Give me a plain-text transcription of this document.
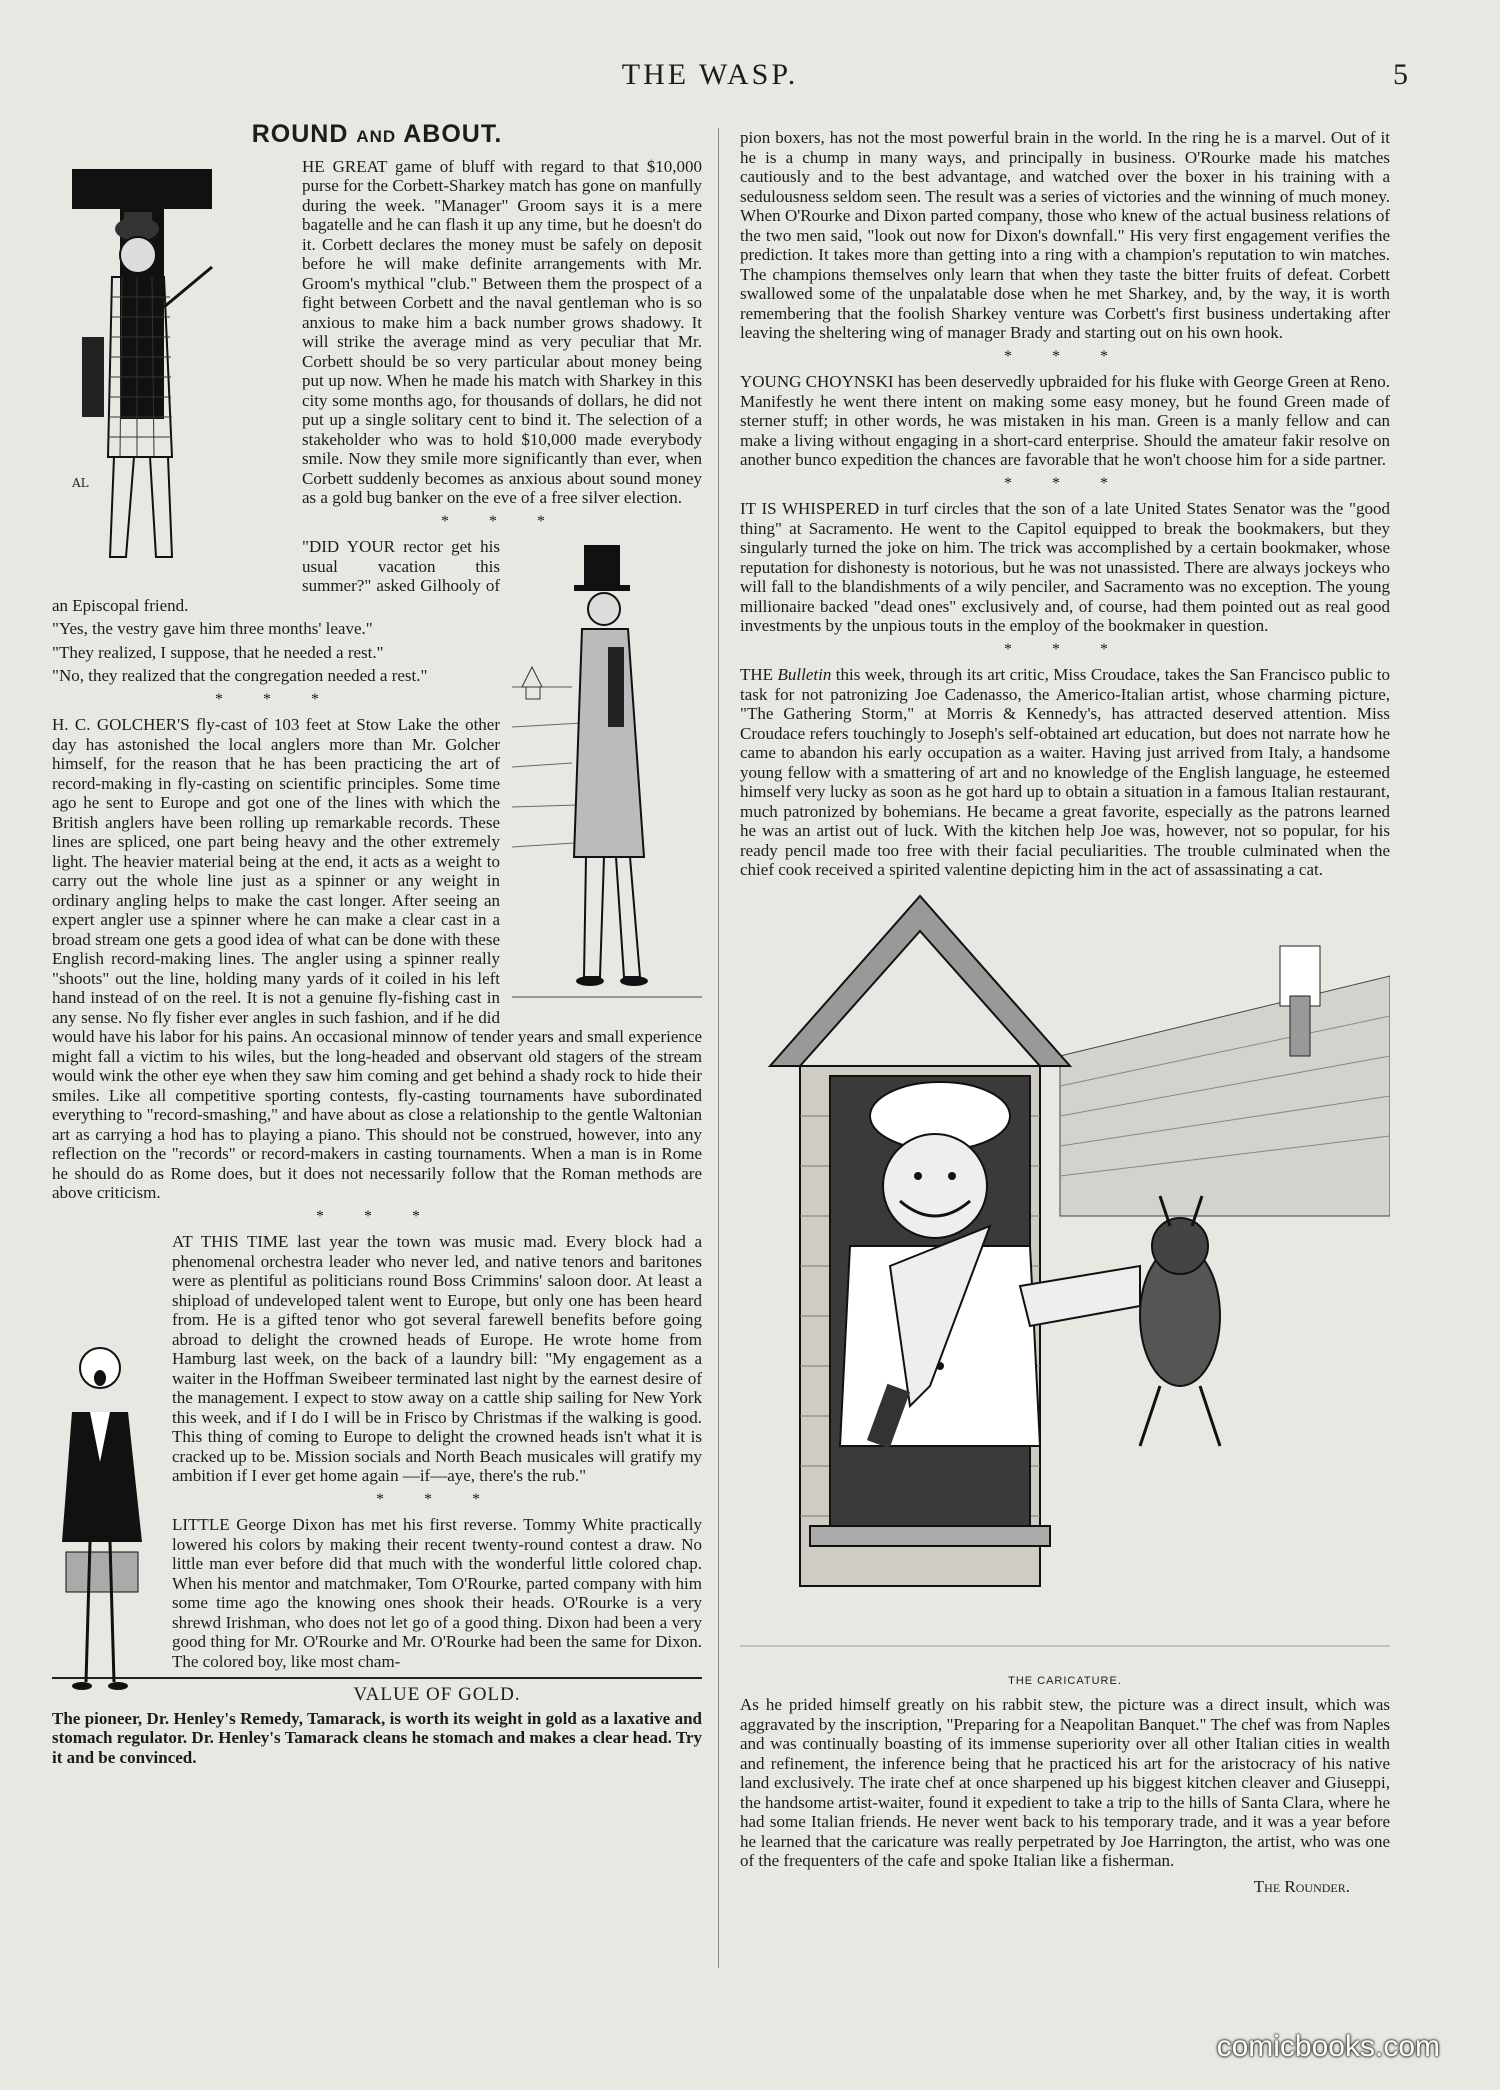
THE WASP.	5
ROUND AND ABOUT.
AL

HE GREAT game of bluff with regard to that $10,000 purse for the Corbett-Sharkey match has gone on manfully during the week. "Manager" Groom says it is a mere bagatelle and he can flash it up any time, but he doesn't do it. Corbett declares the money must be safely on deposit before he will make definite arrangements with Mr. Groom's mythical "club." Between them the prospect of a fight between Corbett and the naval gentleman who is so anxious to make him a back number grows shadowy. It will strike the average mind as very peculiar that Mr. Corbett should be so very particular about money being put up now. When he made his match with Sharkey in this city some months ago, for thousands of dollars, he did not put up a single solitary cent to bind it. The selection of a stakeholder who was to hold $10,000 made everybody smile. Now they smile more significantly than ever, when Corbett suddenly becomes as anxious about sound money as a gold bug banker on the eve of a free silver election.

* * *

"DID YOUR rector get his usual vacation this summer?" asked Gilhooly of an Episcopal friend.

"Yes, the vestry gave him three months' leave."

"They realized, I suppose, that he needed a rest."

"No, they realized that the congregation needed a rest."

* * *

H. C. GOLCHER'S fly-cast of 103 feet at Stow Lake the other day has astonished the local anglers more than Mr. Golcher himself, for the reason that he has been practicing the art of record-making in fly-casting on scientific principles. Some time ago he sent to Europe and got one of the lines with which the British anglers have been rolling up remarkable records. These lines are spliced, one part being heavy and the other extremely light. The heavier material being at the end, it acts as a weight to carry out the whole line just as a spinner or any weight in ordinary angling helps to make the cast longer. After seeing an expert angler use a spinner where he can make a clear cast in a broad stream one gets a good idea of what can be done with these English record-making lines. The angler using a spinner really "shoots" out the line, holding many yards of it coiled in his left hand instead of on the reel. It is not a genuine fly-fishing cast in any sense. No fly fisher ever angles in such fashion, and if he did would have his labor for his pains. An occasional minnow of tender years and small experience might fall a victim to his wiles, but the long-headed and observant old stagers of the stream would wink the other eye when they saw him coming and get behind a shady rock to hide their smiles. Like all competitive sporting contests, fly-casting tournaments have subordinated everything to "record-smashing," and have about as close a relationship to the gentle Waltonian art as carrying a hod has to playing a piano. This should not be construed, however, into any reflection on the "records" or record-makers in casting tournaments. When a man is in Rome he should do as Rome does, but it does not necessarily follow that the Roman methods are above criticism.

* * *

AT THIS TIME last year the town was music mad. Every block had a phenomenal orchestra leader who never led, and native tenors and baritones were as plentiful as politicians round Boss Crimmins' saloon door. At least a shipload of undeveloped talent went to Europe, but only one has been heard from. He is a gifted tenor who got several farewell benefits before going abroad to delight the crowned heads of Europe. He wrote home from Hamburg last week, on the back of a laundry bill: "My engagement as a waiter in the Hoffman Sweibeer terminated last night by the earnest desire of the management. I expect to stow away on a cattle ship sailing for New York this week, and if I do I will be in Frisco by Christmas if the walking is good. This thing of coming to Europe to delight the crowned heads isn't what it is cracked up to be. Mission socials and North Beach musicales will gratify my ambition if I ever get home again —if—aye, there's the rub."

* * *

LITTLE George Dixon has met his first reverse. Tommy White practically lowered his colors by making their recent twenty-round contest a draw. No little man ever before did that much with the wonderful little colored chap. When his mentor and matchmaker, Tom O'Rourke, parted company with him some time ago the knowing ones shook their heads. O'Rourke is a very shrewd Irishman, who does not let go of a good thing. Dixon had been a very good thing for Mr. O'Rourke and Mr. O'Rourke had been the same for Dixon. The colored boy, like most cham-

VALUE OF GOLD.
The pioneer, Dr. Henley's Remedy, Tamarack, is worth its weight in gold as a laxative and stomach regulator. Dr. Henley's Tamarack cleans he stomach and makes a clear head. Try it and be convinced.

pion boxers, has not the most powerful brain in the world. In the ring he is a marvel. Out of it he is a chump in many ways, and principally in business. O'Rourke made his matches cautiously and to the best advantage, and watched over the boxer in his training with a sedulousness seldom seen. The result was a series of victories and the winning of much money. When O'Rourke and Dixon parted company, those who knew of the actual business relations of the two men said, "look out now for Dixon's downfall." His very first engagement verifies the prediction. It takes more than getting into a ring with a champion's reputation to win matches. The champions themselves only learn that when they taste the bitter fruits of defeat. Corbett swallowed some of the unpalatable dose when he met Sharkey, and, by the way, it is worth remembering that the foolish Sharkey venture was Corbett's first business undertaking after leaving the sheltering wing of manager Brady and starting out on his own hook.

* * *

YOUNG CHOYNSKI has been deservedly upbraided for his fluke with George Green at Reno. Manifestly he went there intent on making some easy money, but he found Green made of sterner stuff; in other words, he was mistaken in his man. Green is a manly fellow and can make a living without engaging in a short-card enterprise. Should the amateur fakir resolve on another bunco expedition the chances are favorable that he won't choose him for a side partner.

* * *

IT IS WHISPERED in turf circles that the son of a late United States Senator was the "good thing" at Sacramento. He went to the Capitol equipped to break the bookmakers, but they singularly turned the joke on him. The trick was accomplished by a certain bookmaker, whose reputation for dishonesty is notorious, but he was not unassisted. There are always jockeys who will fall to the blandishments of a wily penciler, and Sacramento was no exception. The young millionaire backed "dead ones" exclusively and, of course, had them pointed out as real good investments by the unpious touts in the employ of the bookmaker in question.

* * *

THE Bulletin this week, through its art critic, Miss Croudace, takes the San Francisco public to task for not patronizing Joe Cadenasso, the Americo-Italian artist, whose charming picture, "The Gathering Storm," at Morris & Kennedy's, has attracted deserved attention. Miss Croudace refers touchingly to Joseph's self-obtained art education, but does not narrate how he came to abandon his early occupation as a waiter. Having just arrived from Italy, a handsome young fellow with a smattering of art and no knowledge of the English language, he esteemed himself very lucky as soon as he got hard up to obtain a situation in a famous Italian restaurant, much patronized by bohemians. He became a great favorite, especially as the patrons learned he was an artist out of luck. With the kitchen help Joe was, however, not so popular, for his ready pencil made too free with their facial peculiarities. The trouble culminated when the chief cook received a spirited valentine depicting him in the act of assassinating a cat.

THE CARICATURE.

As he prided himself greatly on his rabbit stew, the picture was a direct insult, which was aggravated by the inscription, "Preparing for a Neapolitan Banquet." The chef was from Naples and was continually boasting of its immense superiority over all other Italian cities in wealth and refinement, the inference being that he practiced his art for the aristocracy of his native land exclusively. The irate chef at once sharpened up his biggest kitchen cleaver and Giuseppi, the handsome artist-waiter, found it expedient to take a trip to the hills of Santa Clara, where he had some Italian friends. He never went back to his temporary trade, and it was a year before he learned that the caricature was really perpetrated by Joe Harrington, the artist, who was one of the frequenters of the cafe and spoke Italian like a fisherman.

The Rounder.
comicbooks.com
